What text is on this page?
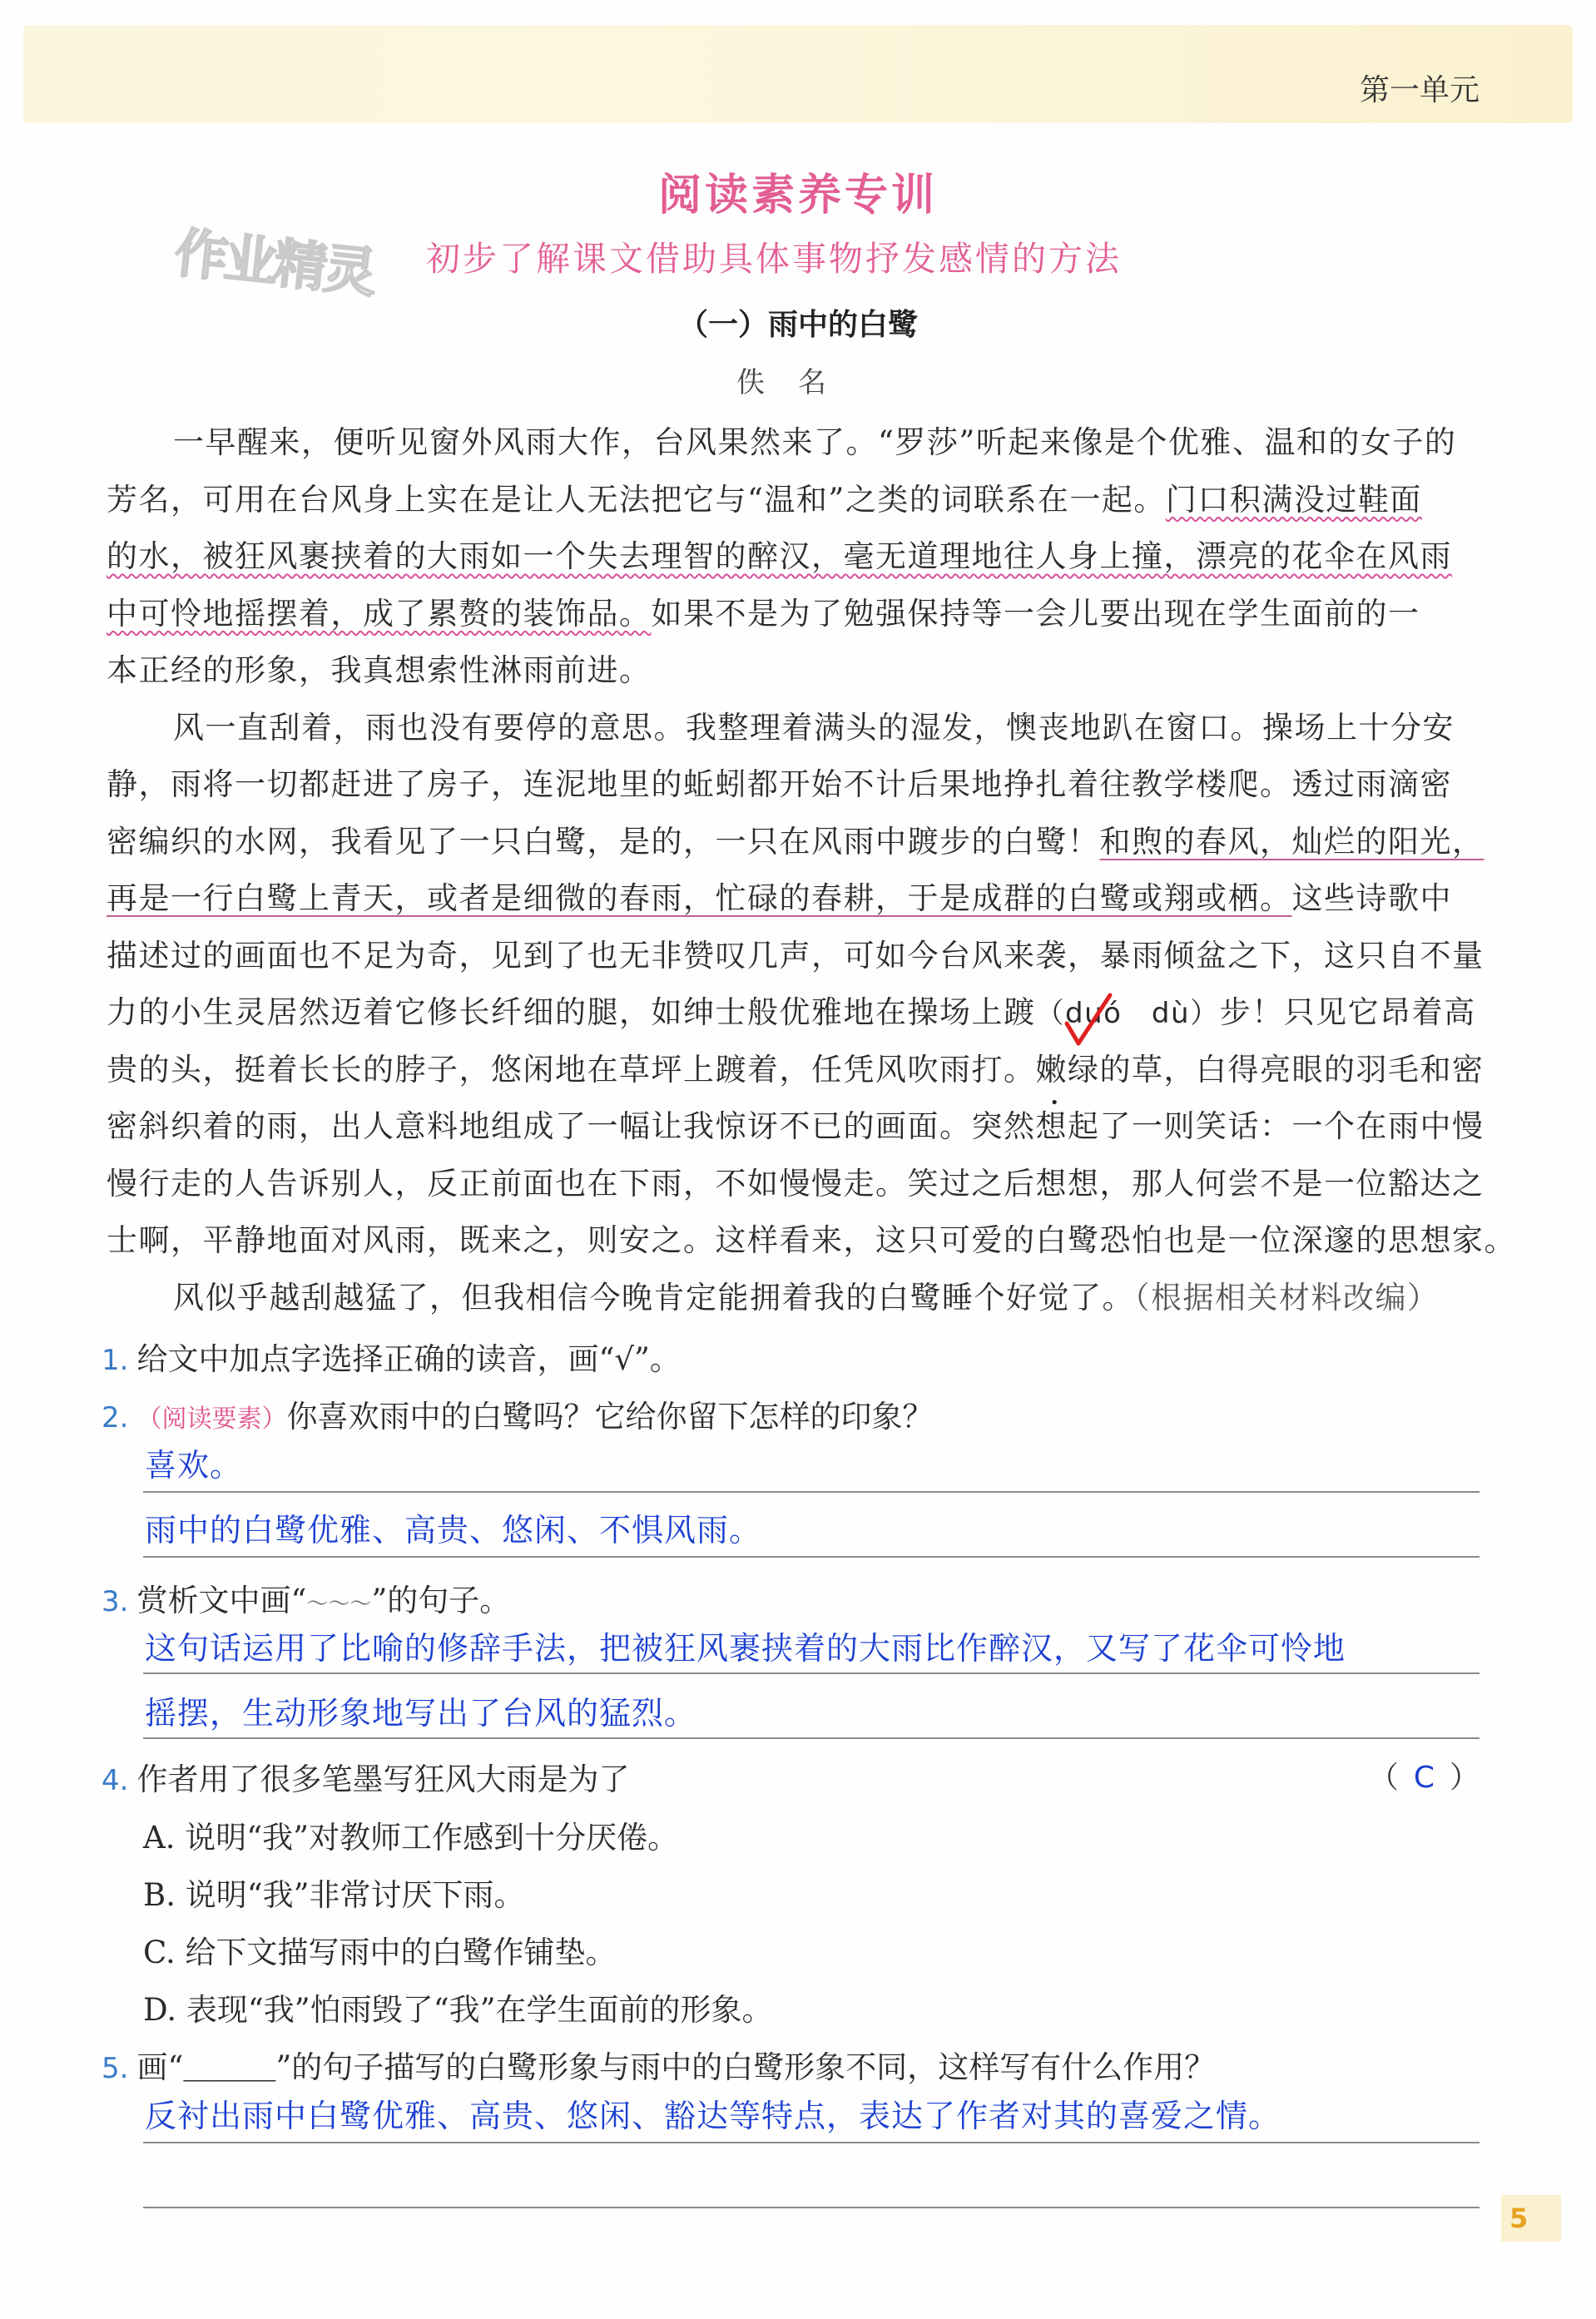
第一单元
阅读素养专训
作业精灵 初步了解课文借助具体事物抒发感情的方法
（一）雨中的白鹭
佚名
一早醒来，便听见窗外风雨大作，台风果然来了。“罗莎”听起来像是个优雅、温和的女子的
芳名，可用在台风身上实在是让人无法把它与“温和”之类的词联系在一起。门口积满没过鞋面
的水，被狂风裹挟着的大雨如一个失去理智的醉汉，毫无道理地往人身上撞，漂亮的花伞在风雨
中可怜地摇摆着，成了累赘的装饰品。如果不是为了勉强保持等一会儿要出现在学生面前的一
本正经的形象，我真想索性淋雨前进。
风一直刮着，雨也没有要停的意思。我整理着满头的湿发，懊丧地趴在窗口。操场上十分安
静，雨将一切都赶进了房子，连泥地里的蚯蚓都开始不计后果地挣扎着往教学楼爬。透过雨滴密
密编织的水网，我看见了一只白鹭，是的，一只在风雨中踱步的白鹭！和煦的春风，灿烂的阳光，
再是一行白鹭上青天，或者是细微的春雨，忙碌的春耕，于是成群的白鹭或翔或栖。这些诗歌中
描述过的画面也不足为奇，见到了也无非赞叹几声，可如今台风来袭，暴雨倾盆之下，这只自不量
力的小生灵居然迈着它修长纤细的腿，如绅士般优雅地在操场上踱（duó　dù）步！只见它昂着高
贵的头，挺着长长的脖子，悠闲地在草坪上踱着，任凭风吹雨打。嫩绿的草，白得亮眼的羽毛和密
密斜织着的雨，出人意料地组成了一幅让我惊讶不已的画面。突然想起了一则笑话：一个在雨中慢
慢行走的人告诉别人，反正前面也在下雨，不如慢慢走。笑过之后想想，那人何尝不是一位豁达之
士啊，平静地面对风雨，既来之，则安之。这样看来，这只可爱的白鹭恐怕也是一位深邃的思想家。
风似乎越刮越猛了，但我相信今晚肯定能拥着我的白鹭睡个好觉了。（根据相关材料改编）
1. 给文中加点字选择正确的读音，画“√”。
2. （阅读要素）你喜欢雨中的白鹭吗？它给你留下怎样的印象？
喜欢。
雨中的白鹭优雅、高贵、悠闲、不惧风雨。
3. 赏析文中画“～～～”的句子。
这句话运用了比喻的修辞手法，把被狂风裹挟着的大雨比作醉汉，又写了花伞可怜地
摇摆，生动形象地写出了台风的猛烈。
4. 作者用了很多笔墨写狂风大雨是为了	（ C ）
A. 说明“我”对教师工作感到十分厌倦。
B. 说明“我”非常讨厌下雨。
C. 给下文描写雨中的白鹭作铺垫。
D. 表现“我”怕雨毁了“我”在学生面前的形象。
5. 画“＿＿＿”的句子描写的白鹭形象与雨中的白鹭形象不同，这样写有什么作用？
反衬出雨中白鹭优雅、高贵、悠闲、豁达等特点，表达了作者对其的喜爱之情。
5
